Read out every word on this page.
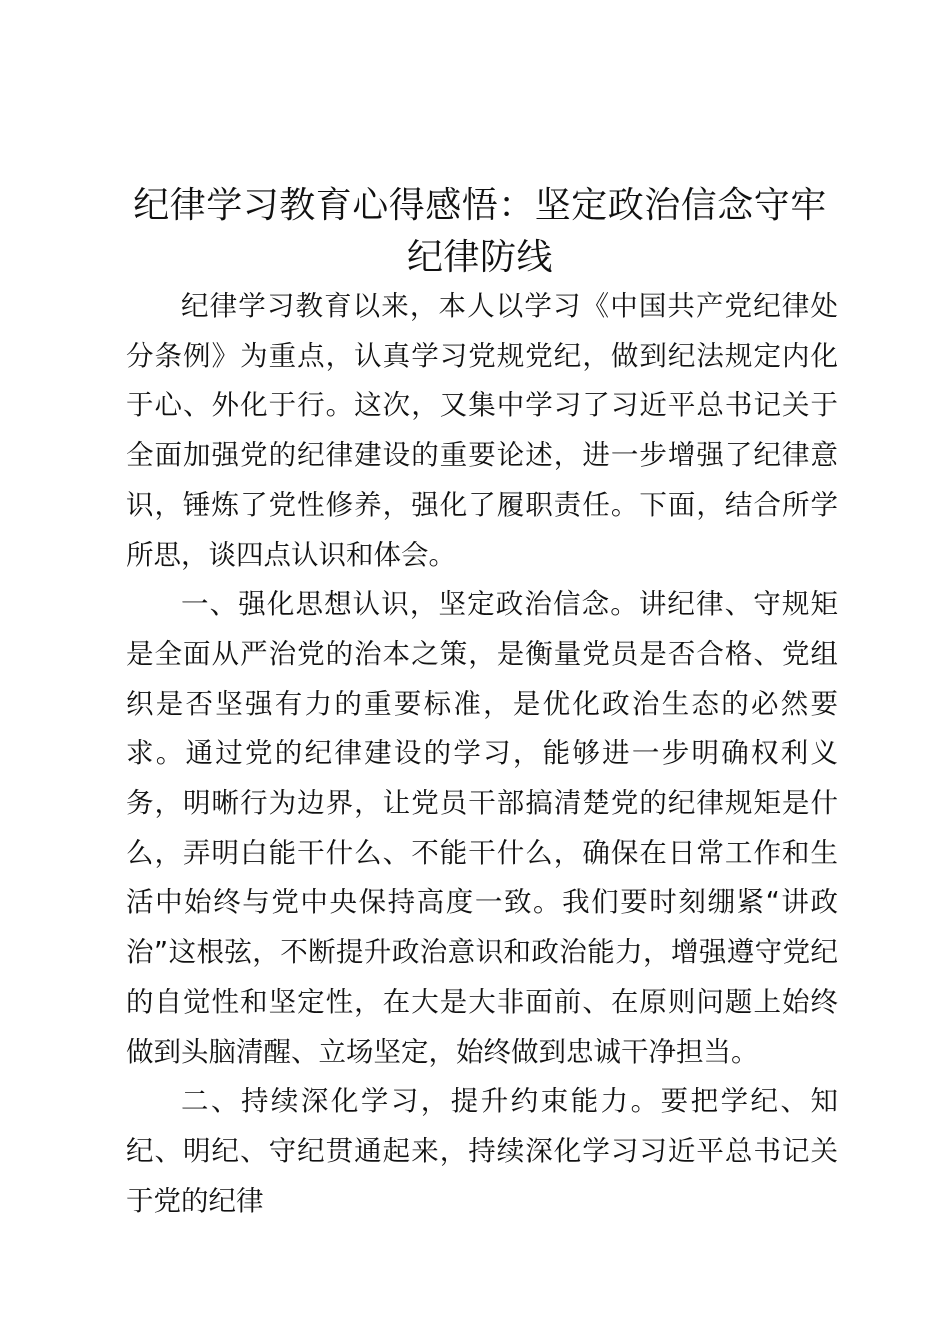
纪律学习教育心得感悟：坚定政治信念守牢纪律防线

纪律学习教育以来，本人以学习《中国共产党纪律处分条例》为重点，认真学习党规党纪，做到纪法规定内化于心、外化于行。这次，又集中学习了习近平总书记关于全面加强党的纪律建设的重要论述，进一步增强了纪律意识，锤炼了党性修养，强化了履职责任。下面，结合所学所思，谈四点认识和体会。

一、强化思想认识，坚定政治信念。讲纪律、守规矩是全面从严治党的治本之策，是衡量党员是否合格、党组织是否坚强有力的重要标准，是优化政治生态的必然要求。通过党的纪律建设的学习，能够进一步明确权利义务，明晰行为边界，让党员干部搞清楚党的纪律规矩是什么，弄明白能干什么、不能干什么，确保在日常工作和生活中始终与党中央保持高度一致。我们要时刻绷紧“讲政治”这根弦，不断提升政治意识和政治能力，增强遵守党纪的自觉性和坚定性，在大是大非面前、在原则问题上始终做到头脑清醒、立场坚定，始终做到忠诚干净担当。

二、持续深化学习，提升约束能力。要把学纪、知纪、明纪、守纪贯通起来，持续深化学习习近平总书记关于党的纪律
